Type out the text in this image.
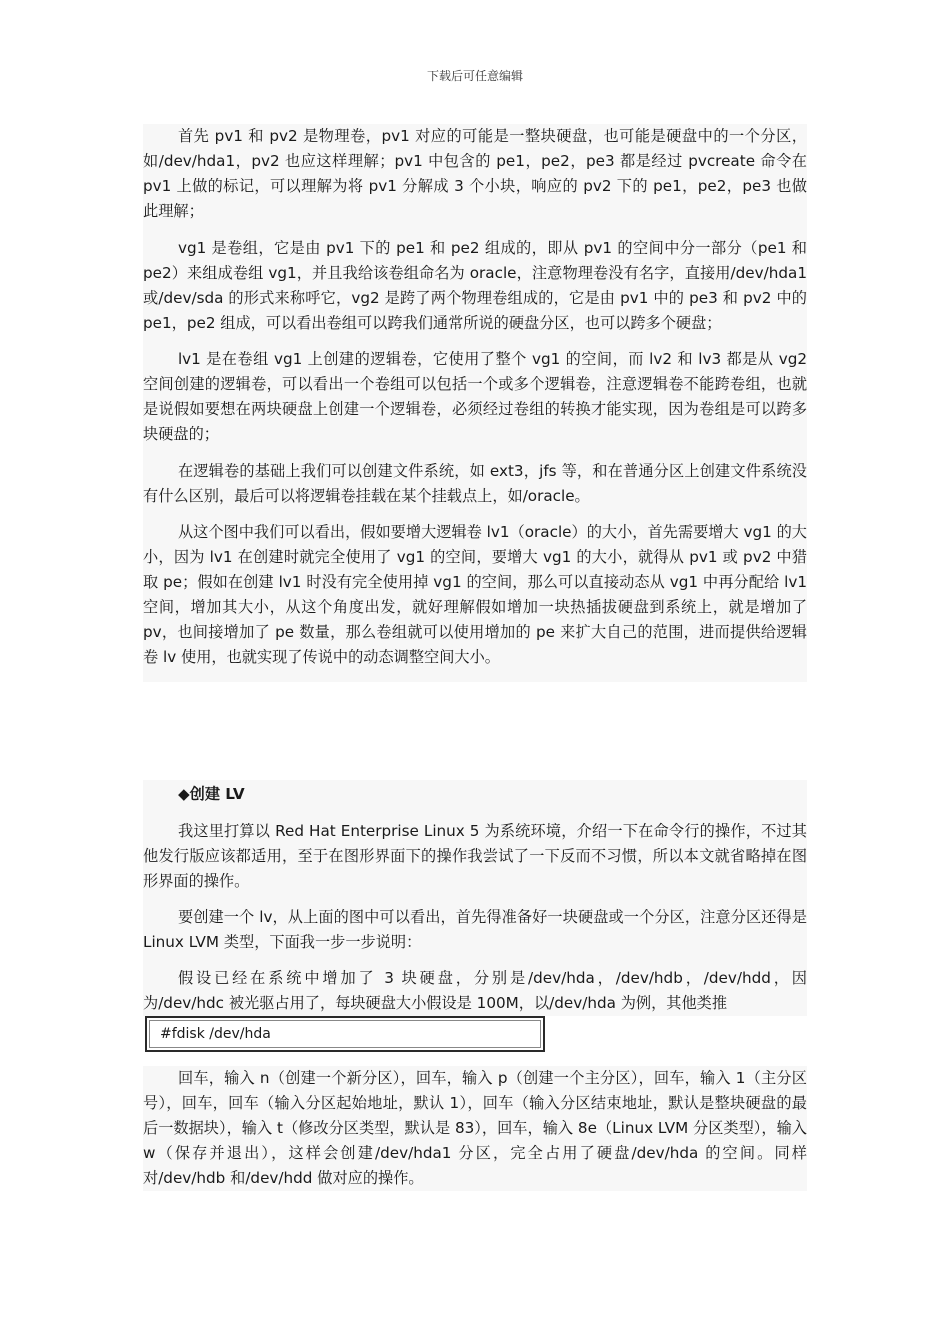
下载后可任意编辑

首先 pv1 和 pv2 是物理卷，pv1 对应的可能是一整块硬盘，也可能是硬盘中的一个分区，如/dev/hda1，pv2 也应这样理解；pv1 中包含的 pe1，pe2，pe3 都是经过 pvcreate 命令在 pv1 上做的标记，可以理解为将 pv1 分解成 3 个小块，响应的 pv2 下的 pe1，pe2，pe3 也做此理解；

vg1 是卷组，它是由 pv1 下的 pe1 和 pe2 组成的，即从 pv1 的空间中分一部分（pe1 和 pe2）来组成卷组 vg1，并且我给该卷组命名为 oracle，注意物理卷没有名字，直接用/dev/hda1 或/dev/sda 的形式来称呼它，vg2 是跨了两个物理卷组成的，它是由 pv1 中的 pe3 和 pv2 中的 pe1，pe2 组成，可以看出卷组可以跨我们通常所说的硬盘分区，也可以跨多个硬盘；

lv1 是在卷组 vg1 上创建的逻辑卷，它使用了整个 vg1 的空间，而 lv2 和 lv3 都是从 vg2 空间创建的逻辑卷，可以看出一个卷组可以包括一个或多个逻辑卷，注意逻辑卷不能跨卷组，也就是说假如要想在两块硬盘上创建一个逻辑卷，必须经过卷组的转换才能实现，因为卷组是可以跨多块硬盘的；

在逻辑卷的基础上我们可以创建文件系统，如 ext3，jfs 等，和在普通分区上创建文件系统没有什么区别，最后可以将逻辑卷挂载在某个挂载点上，如/oracle。

从这个图中我们可以看出，假如要增大逻辑卷 lv1（oracle）的大小，首先需要增大 vg1 的大小，因为 lv1 在创建时就完全使用了 vg1 的空间，要增大 vg1 的大小，就得从 pv1 或 pv2 中猎取 pe；假如在创建 lv1 时没有完全使用掉 vg1 的空间，那么可以直接动态从 vg1 中再分配给 lv1 空间，增加其大小，从这个角度出发，就好理解假如增加一块热插拔硬盘到系统上，就是增加了 pv，也间接增加了 pe 数量，那么卷组就可以使用增加的 pe 来扩大自己的范围，进而提供给逻辑卷 lv 使用，也就实现了传说中的动态调整空间大小。

◆创建 LV

我这里打算以 Red Hat Enterprise Linux 5 为系统环境，介绍一下在命令行的操作，不过其他发行版应该都适用，至于在图形界面下的操作我尝试了一下反而不习惯，所以本文就省略掉在图形界面的操作。

要创建一个 lv，从上面的图中可以看出，首先得准备好一块硬盘或一个分区，注意分区还得是 Linux LVM 类型，下面我一步一步说明：

假设已经在系统中增加了 3 块硬盘，分别是/dev/hda，/dev/hdb，/dev/hdd，因为/dev/hdc 被光驱占用了，每块硬盘大小假设是 100M，以/dev/hda 为例，其他类推

#fdisk /dev/hda

回车，输入 n（创建一个新分区），回车，输入 p（创建一个主分区），回车，输入 1（主分区号），回车，回车（输入分区起始地址，默认 1），回车（输入分区结束地址，默认是整块硬盘的最后一数据块），输入 t（修改分区类型，默认是 83），回车，输入 8e（Linux LVM 分区类型），输入 w（保存并退出），这样会创建/dev/hda1 分区，完全占用了硬盘/dev/hda 的空间。同样对/dev/hdb 和/dev/hdd 做对应的操作。
